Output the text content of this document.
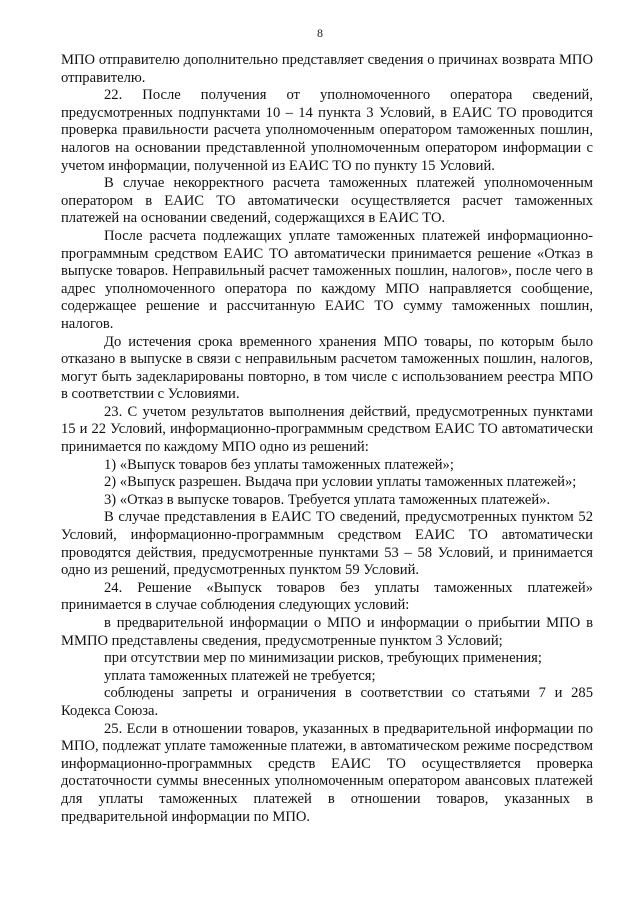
8

МПО отправителю дополнительно представляет сведения о причинах возврата МПО отправителю.

22. После получения от уполномоченного оператора сведений, предусмотренных подпунктами 10 – 14 пункта 3 Условий, в ЕАИС ТО проводится проверка правильности расчета уполномоченным оператором таможенных пошлин, налогов на основании представленной уполномоченным оператором информации с учетом информации, полученной из ЕАИС ТО по пункту 15 Условий.

В случае некорректного расчета таможенных платежей уполномоченным оператором в ЕАИС ТО автоматически осуществляется расчет таможенных платежей на основании сведений, содержащихся в ЕАИС ТО.

После расчета подлежащих уплате таможенных платежей информационно-программным средством ЕАИС ТО автоматически принимается решение «Отказ в выпуске товаров. Неправильный расчет таможенных пошлин, налогов», после чего в адрес уполномоченного оператора по каждому МПО направляется сообщение, содержащее решение и рассчитанную ЕАИС ТО сумму таможенных пошлин, налогов.

До истечения срока временного хранения МПО товары, по которым было отказано в выпуске в связи с неправильным расчетом таможенных пошлин, налогов, могут быть задекларированы повторно, в том числе с использованием реестра МПО в соответствии с Условиями.

23. С учетом результатов выполнения действий, предусмотренных пунктами 15 и 22 Условий, информационно-программным средством ЕАИС ТО автоматически принимается по каждому МПО одно из решений:

1) «Выпуск товаров без уплаты таможенных платежей»;

2) «Выпуск разрешен. Выдача при условии уплаты таможенных платежей»;

3) «Отказ в выпуске товаров. Требуется уплата таможенных платежей».

В случае представления в ЕАИС ТО сведений, предусмотренных пунктом 52 Условий, информационно-программным средством ЕАИС ТО автоматически проводятся действия, предусмотренные пунктами 53 – 58 Условий, и принимается одно из решений, предусмотренных пунктом 59 Условий.

24. Решение «Выпуск товаров без уплаты таможенных платежей» принимается в случае соблюдения следующих условий:

в предварительной информации о МПО и информации о прибытии МПО в ММПО представлены сведения, предусмотренные пунктом 3 Условий;

при отсутствии мер по минимизации рисков, требующих применения;

уплата таможенных платежей не требуется;

соблюдены запреты и ограничения в соответствии со статьями 7 и 285 Кодекса Союза.

25. Если в отношении товаров, указанных в предварительной информации по МПО, подлежат уплате таможенные платежи, в автоматическом режиме посредством информационно-программных средств ЕАИС ТО осуществляется проверка достаточности суммы внесенных уполномоченным оператором авансовых платежей для уплаты таможенных платежей в отношении товаров, указанных в предварительной информации по МПО.
